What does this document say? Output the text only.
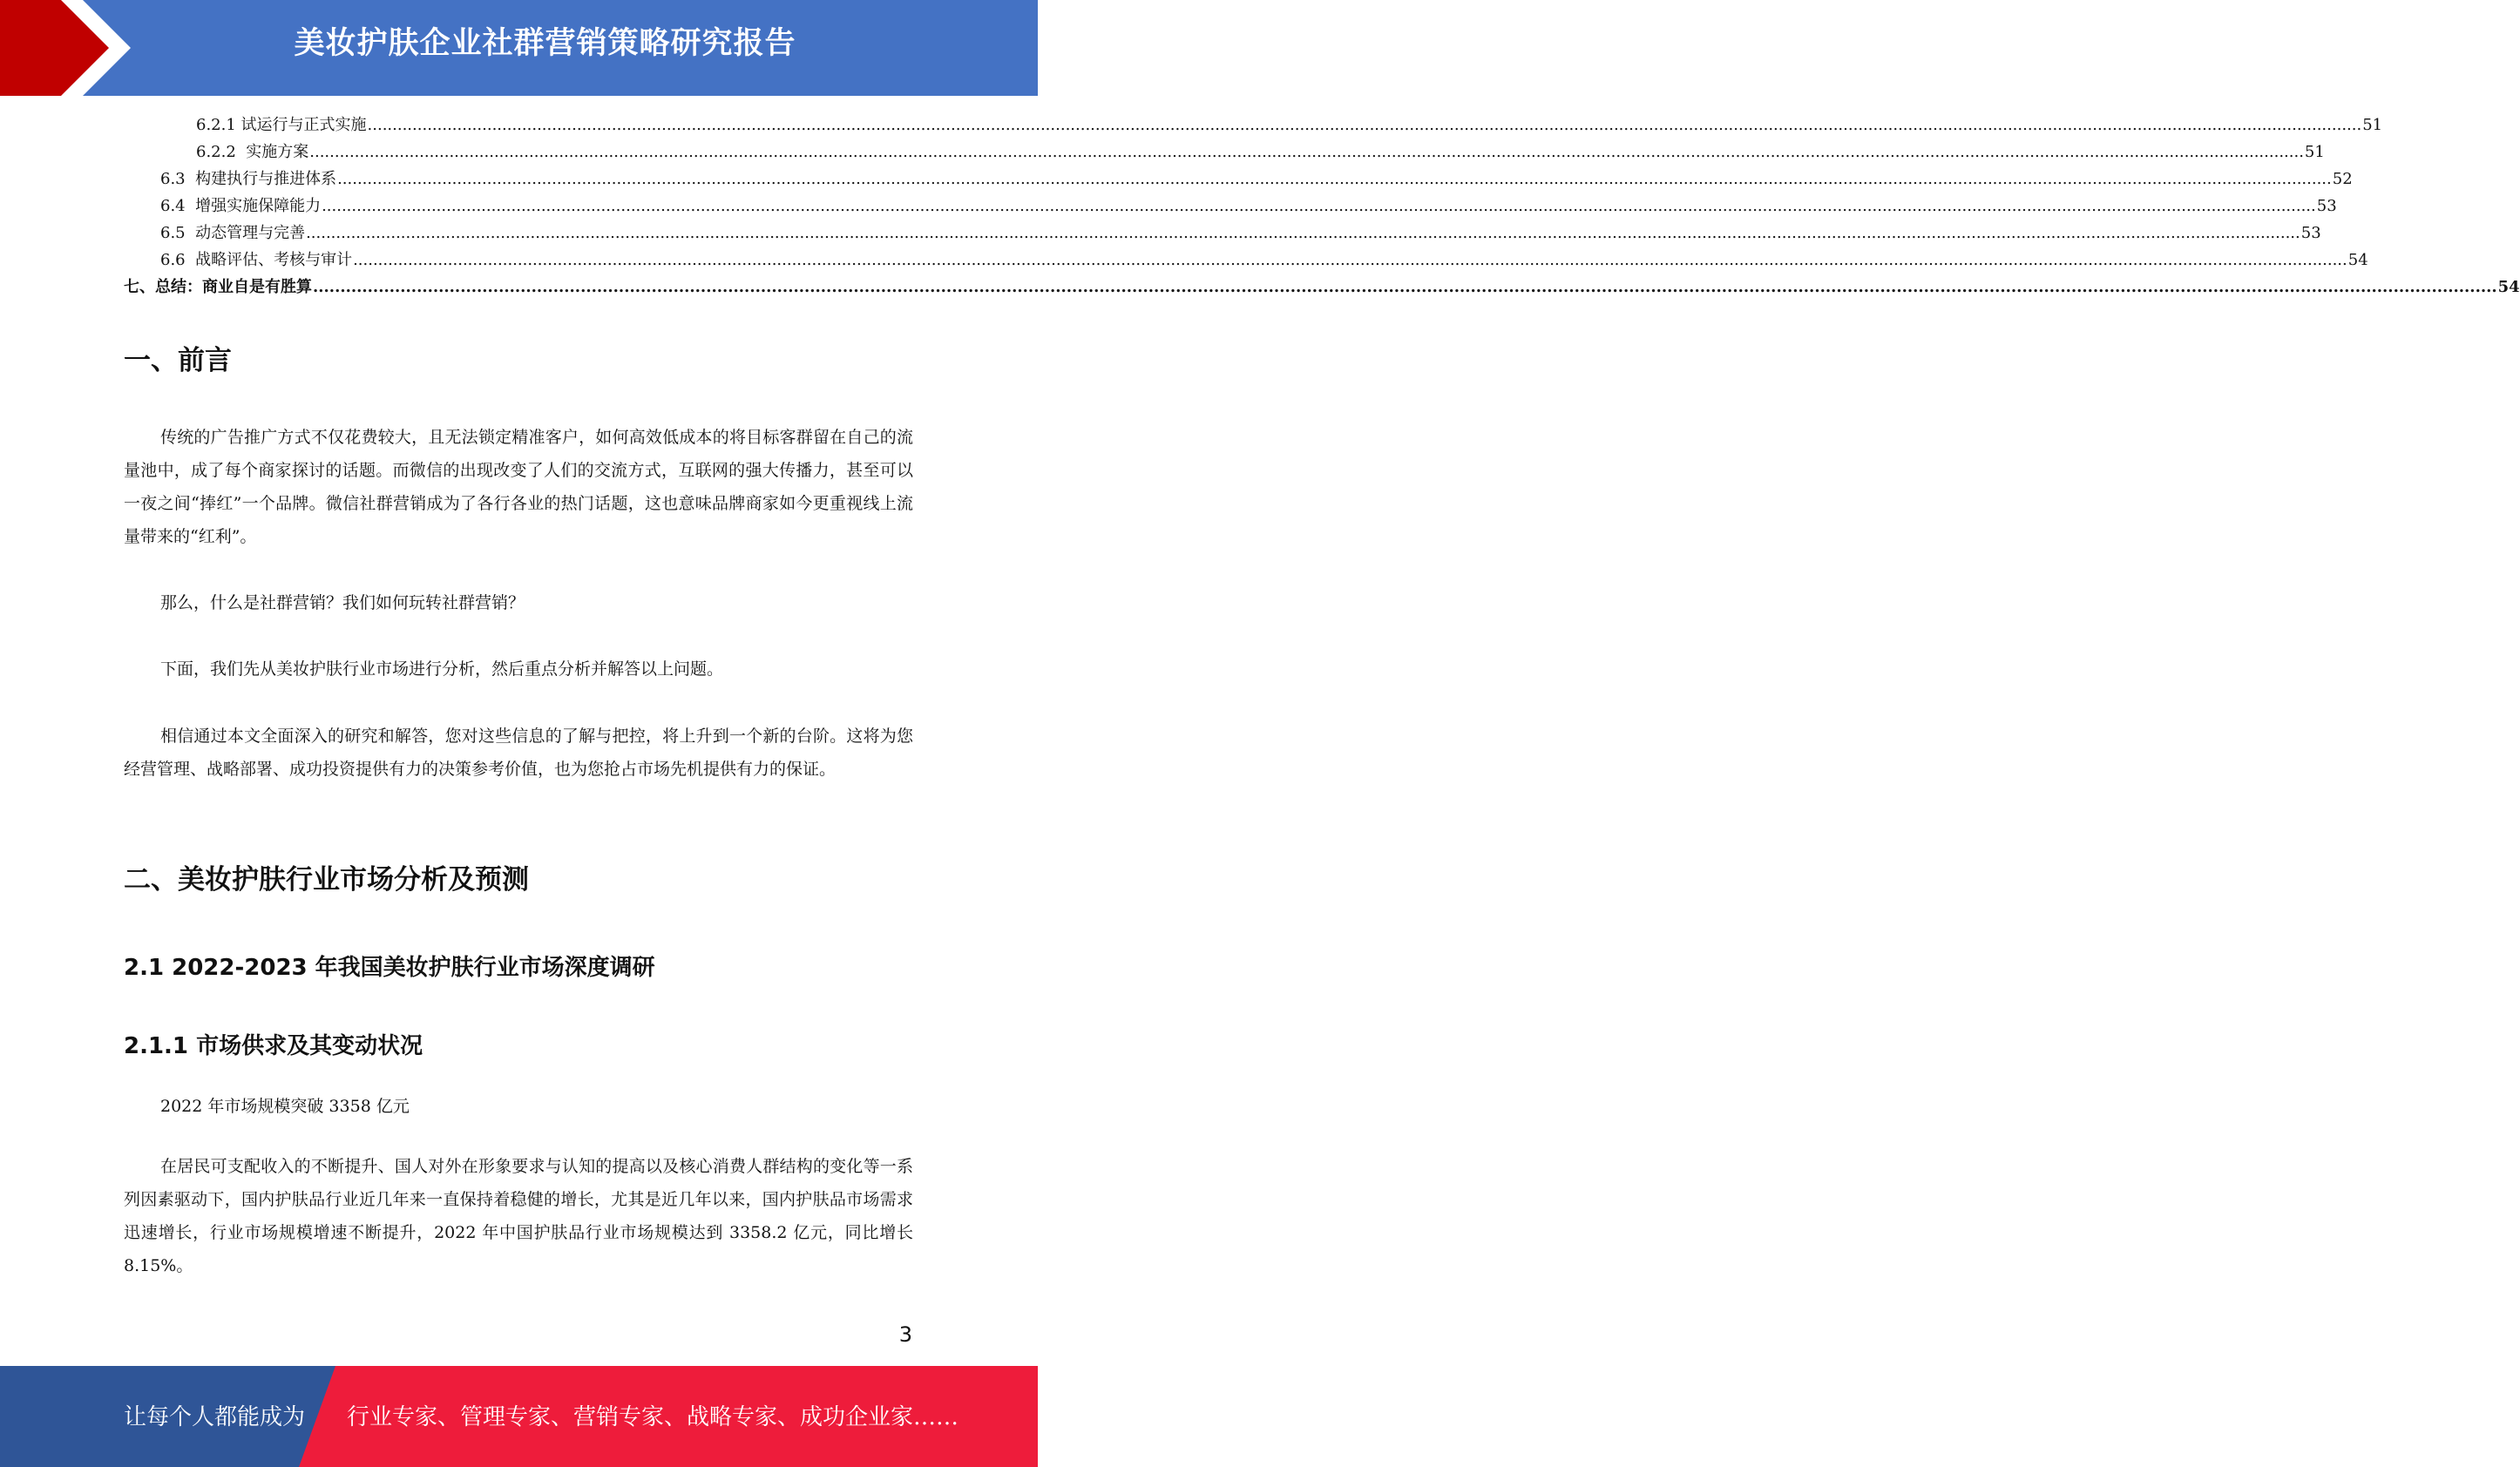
美妆护肤企业社群营销策略研究报告
6.2.1 试运行与正式实施 ................................................................................................................................................................................................................................................................................................................................................................................................................ 51
6.2.2  实施方案 ................................................................................................................................................................................................................................................................................................................................................................................................................ 51
6.3  构建执行与推进体系 ................................................................................................................................................................................................................................................................................................................................................................................................................ 52
6.4  增强实施保障能力 ................................................................................................................................................................................................................................................................................................................................................................................................................ 53
6.5  动态管理与完善 ................................................................................................................................................................................................................................................................................................................................................................................................................ 53
6.6  战略评估、考核与审计 ................................................................................................................................................................................................................................................................................................................................................................................................................ 54
七、总结：商业自是有胜算 ................................................................................................................................................................................................................................................................................................................................................................................................................ 54
一、前言
传统的广告推广方式不仅花费较大，且无法锁定精准客户，如何高效低成本的将目标客群留在自己的流量池中，成了每个商家探讨的话题。而微信的出现改变了人们的交流方式，互联网的强大传播力，甚至可以一夜之间“捧红”一个品牌。微信社群营销成为了各行各业的热门话题，这也意味品牌商家如今更重视线上流量带来的“红利”。
那么，什么是社群营销？我们如何玩转社群营销？
下面，我们先从美妆护肤行业市场进行分析，然后重点分析并解答以上问题。
相信通过本文全面深入的研究和解答，您对这些信息的了解与把控，将上升到一个新的台阶。这将为您经营管理、战略部署、成功投资提供有力的决策参考价值，也为您抢占市场先机提供有力的保证。
二、美妆护肤行业市场分析及预测
2.1 2022-2023 年我国美妆护肤行业市场深度调研
2.1.1 市场供求及其变动状况
2022 年市场规模突破 3358 亿元
在居民可支配收入的不断提升、国人对外在形象要求与认知的提高以及核心消费人群结构的变化等一系列因素驱动下，国内护肤品行业近几年来一直保持着稳健的增长，尤其是近几年以来，国内护肤品市场需求迅速增长，行业市场规模增速不断提升，2022 年中国护肤品行业市场规模达到 3358.2 亿元，同比增长 8.15%。
3
让每个人都能成为 行业专家、管理专家、营销专家、战略专家、成功企业家……
